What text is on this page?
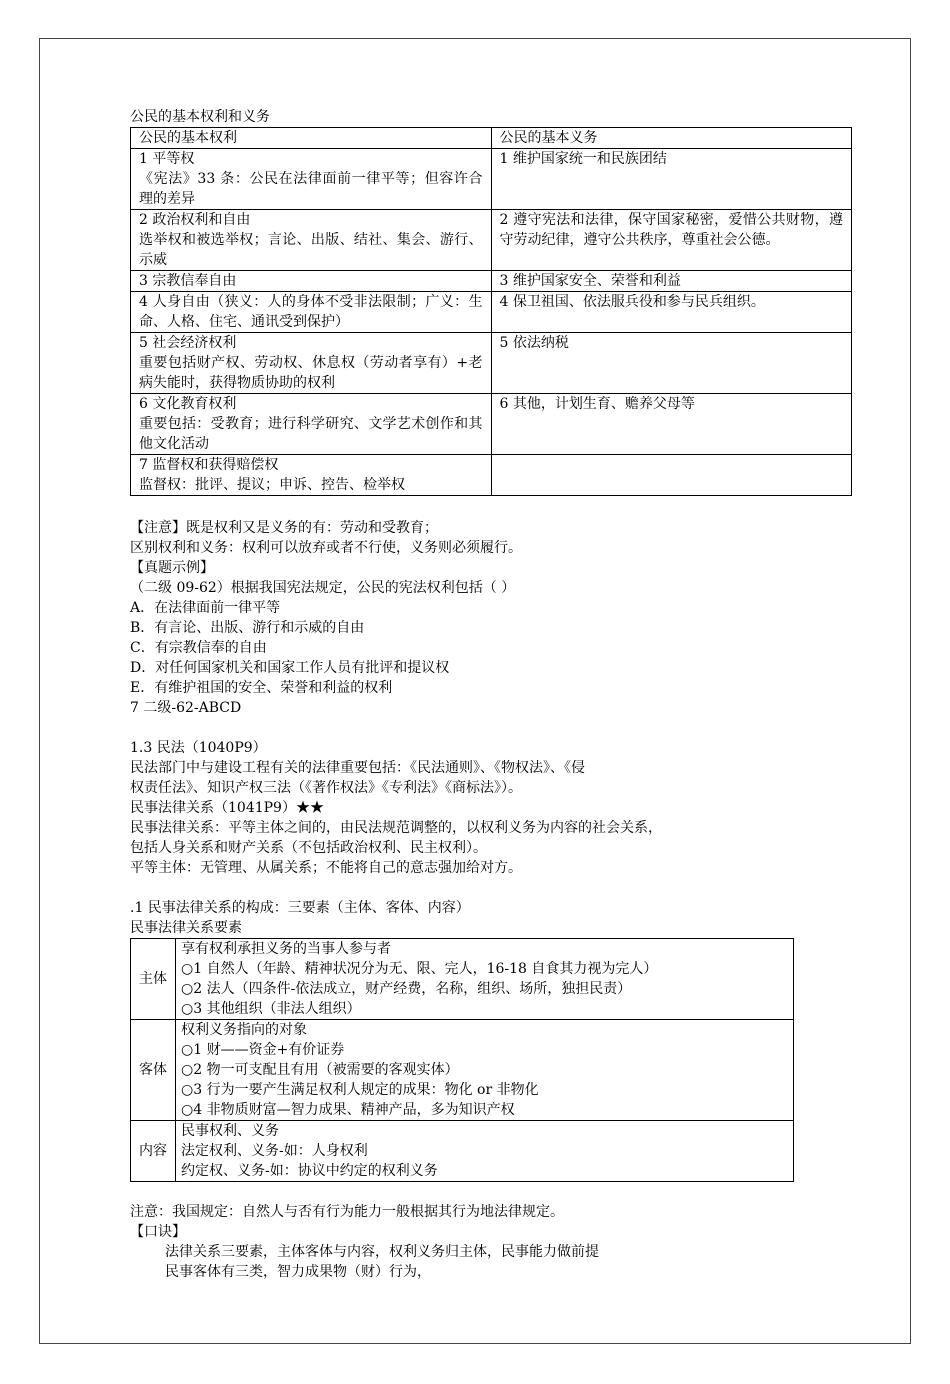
公民的基本权利和义务
公民的基本权利	公民的基本义务

1 平等权
《宪法》33 条：公民在法律面前一律平等；但容许合理的差异	1 维护国家统一和民族团结

2 政治权利和自由
选举权和被选举权；言论、出版、结社、集会、游行、示威	2 遵守宪法和法律，保守国家秘密，爱惜公共财物，遵守劳动纪律，遵守公共秩序，尊重社会公德。

3 宗教信奉自由	3 维护国家安全、荣誉和利益

4 人身自由（狭义：人的身体不受非法限制；广义：生命、人格、住宅、通讯受到保护）	4 保卫祖国、依法服兵役和参与民兵组织。

5 社会经济权利
重要包括财产权、劳动权、休息权（劳动者享有）+老病失能时，获得物质协助的权利	5 依法纳税

6 文化教育权利
重要包括：受教育；进行科学研究、文学艺术创作和其他文化活动	6 其他，计划生育、赡养父母等

7 监督权和获得赔偿权
监督权：批评、提议；申诉、控告、检举权	

【注意】既是权利又是义务的有：劳动和受教育；
区别权利和义务：权利可以放弃或者不行使，义务则必须履行。
【真题示例】
（二级 09-62）根据我国宪法规定，公民的宪法权利包括（ ）
A．在法律面前一律平等
B．有言论、出版、游行和示威的自由
C．有宗教信奉的自由
D．对任何国家机关和国家工作人员有批评和提议权
E．有维护祖国的安全、荣誉和利益的权利
7 二级-62-ABCD
1.3 民法（1040P9）
民法部门中与建设工程有关的法律重要包括：《民法通则》、《物权法》、《侵
权责任法》、知识产权三法（《著作权法》《专利法》《商标法》）。
民事法律关系（1041P9）★★
民事法律关系：平等主体之间的，由民法规范调整的，以权利义务为内容的社会关系，
包括人身关系和财产关系（不包括政治权利、民主权利）。
平等主体：无管理、从属关系；不能将自己的意志强加给对方。
.1 民事法律关系的构成：三要素（主体、客体、内容）
民事法律关系要素
主体	享有权利承担义务的当事人参与者
○1 自然人（年龄、精神状况分为无、限、完人，16-18 自食其力视为完人）
○2 法人（四条件-依法成立，财产经费，名称，组织、场所，独担民责）
○3 其他组织（非法人组织）

客体	权利义务指向的对象
○1 财——资金+有价证券
○2 物一可支配且有用（被需要的客观实体）
○3 行为一要产生满足权利人规定的成果：物化 or 非物化
○4 非物质财富—智力成果、精神产品，多为知识产权

内容	民事权利、义务
法定权利、义务-如：人身权利
约定权、义务-如：协议中约定的权利义务
注意：我国规定：自然人与否有行为能力一般根据其行为地法律规定。
【口诀】
法律关系三要素，主体客体与内容，权利义务归主体，民事能力做前提
民事客体有三类，智力成果物（财）行为，
